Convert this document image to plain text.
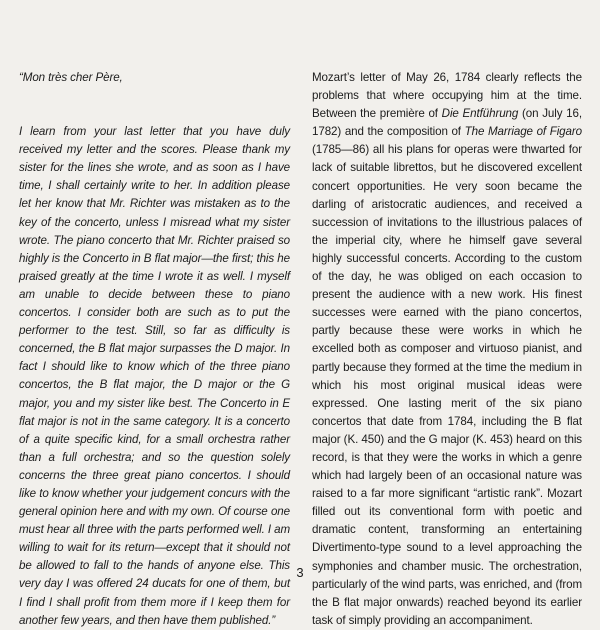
“Mon très cher Père,

I learn from your last letter that you have duly received my letter and the scores. Please thank my sister for the lines she wrote, and as soon as I have time, I shall certainly write to her. In addition please let her know that Mr. Richter was mistaken as to the key of the concerto, unless I misread what my sister wrote. The piano concerto that Mr. Richter praised so highly is the Concerto in B flat major—the first; this he praised greatly at the time I wrote it as well. I myself am unable to decide between these to piano concertos. I consider both are such as to put the performer to the test. Still, so far as difficulty is concerned, the B flat major surpasses the D major. In fact I should like to know which of the three piano concertos, the B flat major, the D major or the G major, you and my sister like best. The Concerto in E flat major is not in the same category. It is a concerto of a quite specific kind, for a small orchestra rather than a full orchestra; and so the question solely concerns the three great piano concertos. I should like to know whether your judgement concurs with the general opinion here and with my own. Of course one must hear all three with the parts performed well. I am willing to wait for its return—except that it should not be allowed to fall to the hands of anyone else. This very day I was offered 24 ducats for one of them, but I find I shall profit from them more if I keep them for another few years, and then have them published.”

Mozart’s letter of May 26, 1784 clearly reflects the problems that where occupying him at the time. Between the première of Die Entführung (on July 16, 1782) and the composition of The Marriage of Figaro (1785—86) all his plans for operas were thwarted for lack of suitable librettos, but he discovered excellent concert opportunities. He very soon became the darling of aristocratic audiences, and received a succession of invitations to the illustrious palaces of the imperial city, where he himself gave several highly successful concerts. According to the custom of the day, he was obliged on each occasion to present the audience with a new work. His finest successes were earned with the piano concertos, partly because these were works in which he excelled both as composer and virtuoso pianist, and partly because they formed at the time the medium in which his most original musical ideas were expressed. One lasting merit of the six piano concertos that date from 1784, including the B flat major (K. 450) and the G major (K. 453) heard on this record, is that they were the works in which a genre which had largely been of an occasional nature was raised to a far more significant “artistic rank”. Mozart filled out its conventional form with poetic and dramatic content, transforming an entertaining Divertimento-type sound to a level approaching the symphonies and chamber music. The orchestration, particularly of the wind parts, was enriched, and (from the B flat major onwards) reached beyond its earlier task of simply providing an accompaniment.

3
